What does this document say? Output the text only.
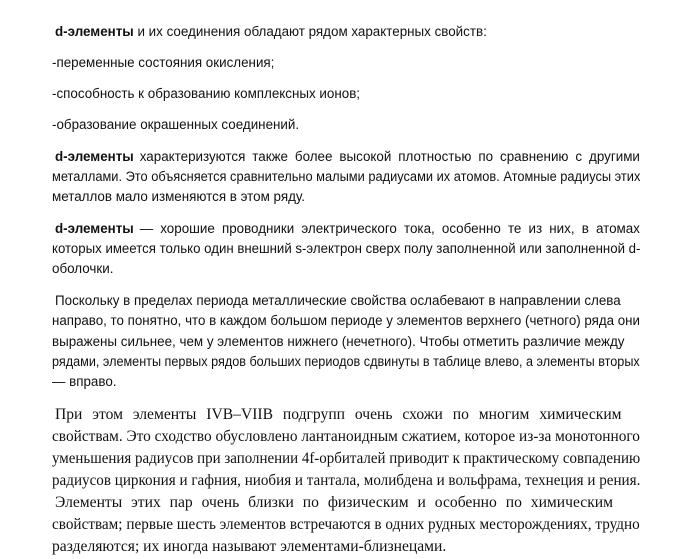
d-элементы и их соединения обладают рядом характерных свойств:
-переменные состояния окисления;
-способность к образованию комплексных ионов;
-образование окрашенных соединений.
d-элементы характеризуются также более высокой плотностью по сравнению с другими
металлами. Это объясняется сравнительно малыми радиусами их атомов. Атомные радиусы этих
металлов мало изменяются в этом ряду.
d-элементы — хорошие проводники электрического тока, особенно те из них, в атомах
которых имеется только один внешний s-электрон сверх полу заполненной или заполненной d-
оболочки.
Поскольку в пределах периода металлические свойства ослабевают в направлении слева
направо, то понятно, что в каждом большом периоде у элементов верхнего (четного) ряда они
выражены сильнее, чем у элементов нижнего (нечетного). Чтобы отметить различие между
рядами, элементы первых рядов больших периодов сдвинуты в таблице влево, а элементы вторых
— вправо.
При этом элементы IVB–VIIB подгрупп очень схожи по многим химическим
свойствам. Это сходство обусловлено лантаноидным сжатием, которое из-за монотонного
уменьшения радиусов при заполнении 4f-орбиталей приводит к практическому совпадению
радиусов циркония и гафния, ниобия и тантала, молибдена и вольфрама, технеция и рения.
Элементы этих пар очень близки по физическим и особенно по химическим
свойствам; первые шесть элементов встречаются в одних рудных месторождениях, трудно
разделяются; их иногда называют элементами-близнецами.
